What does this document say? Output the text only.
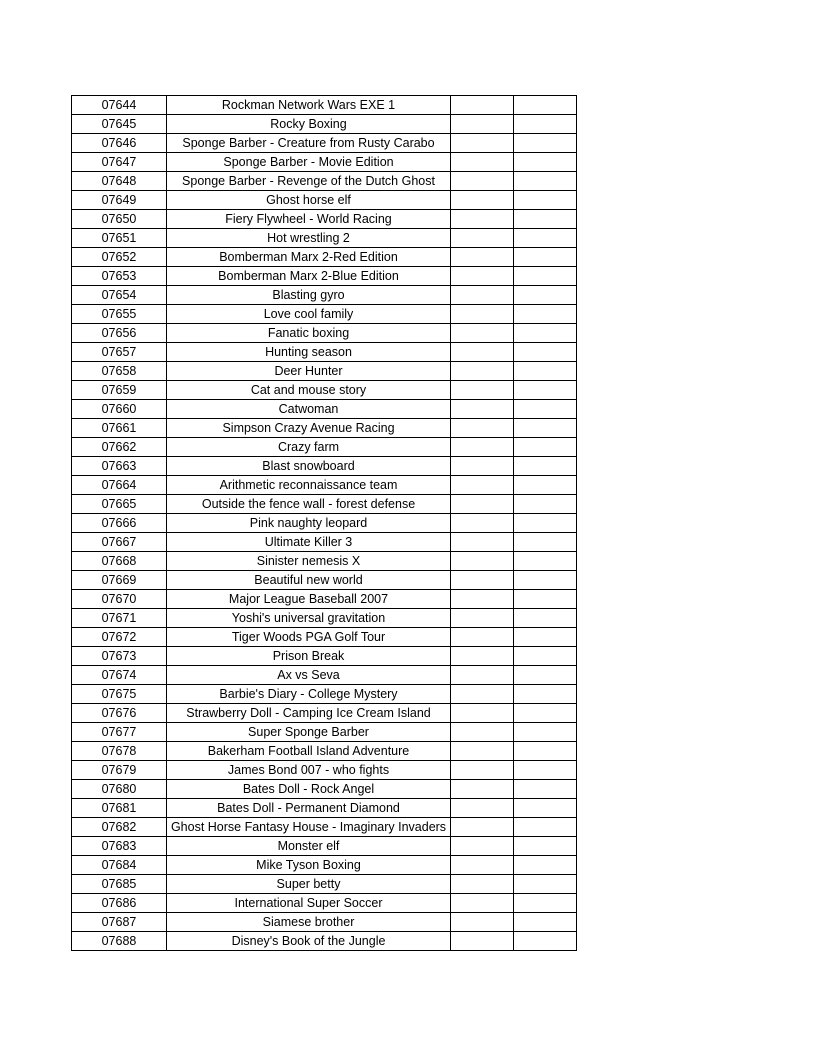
07644	Rockman Network Wars EXE 1		
07645	Rocky Boxing		
07646	Sponge Barber - Creature from Rusty Carabo		
07647	Sponge Barber - Movie Edition		
07648	Sponge Barber - Revenge of the Dutch Ghost		
07649	Ghost horse elf		
07650	Fiery Flywheel - World Racing		
07651	Hot wrestling 2		
07652	Bomberman Marx 2-Red Edition		
07653	Bomberman Marx 2-Blue Edition		
07654	Blasting gyro		
07655	Love cool family		
07656	Fanatic boxing		
07657	Hunting season		
07658	Deer Hunter		
07659	Cat and mouse story		
07660	Catwoman		
07661	Simpson Crazy Avenue Racing		
07662	Crazy farm		
07663	Blast snowboard		
07664	Arithmetic reconnaissance team		
07665	Outside the fence wall - forest defense		
07666	Pink naughty leopard		
07667	Ultimate Killer 3		
07668	Sinister nemesis X		
07669	Beautiful new world		
07670	Major League Baseball 2007		
07671	Yoshi's universal gravitation		
07672	Tiger Woods PGA Golf Tour		
07673	Prison Break		
07674	Ax vs Seva		
07675	Barbie's Diary - College Mystery		
07676	Strawberry Doll - Camping Ice Cream Island		
07677	Super Sponge Barber		
07678	Bakerham Football Island Adventure		
07679	James Bond 007 - who fights		
07680	Bates Doll - Rock Angel		
07681	Bates Doll - Permanent Diamond		
07682	Ghost Horse Fantasy House - Imaginary Invaders		
07683	Monster elf		
07684	Mike Tyson Boxing		
07685	Super betty		
07686	International Super Soccer		
07687	Siamese brother		
07688	Disney's Book of the Jungle		
